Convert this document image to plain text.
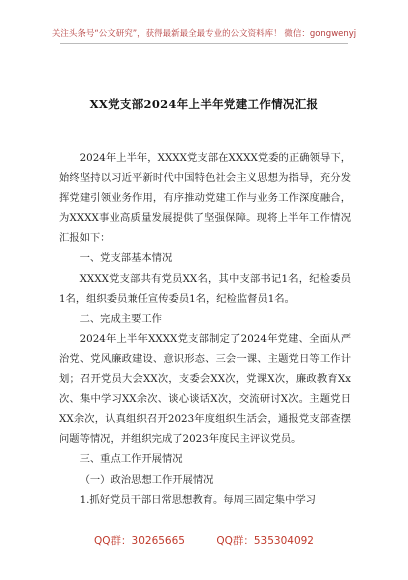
关注头条号“公文研究”，获得最新最全最专业的公文资料库！ 微信：gongwenyj
XX党支部2024年上半年党建工作情况汇报

2024年上半年，XXXX党支部在XXXX党委的正确领导下，始终坚持以习近平新时代中国特色社会主义思想为指导，充分发挥党建引领业务作用，有序推动党建工作与业务工作深度融合，为XXXX事业高质量发展提供了坚强保障。现将上半年工作情况汇报如下：

一、党支部基本情况

XXXX党支部共有党员XX名，其中支部书记1名，纪检委员1名，组织委员兼任宣传委员1名，纪检监督员1名。

二、完成主要工作

2024年上半年XXXX党支部制定了2024年党建、全面从严治党、党风廉政建设、意识形态、三会一课、主题党日等工作计划；召开党员大会XX次，支委会XX次，党课X次，廉政教育Xx次、集中学习XX余次、谈心谈话X次，交流研讨X次。主题党日XX余次，认真组织召开2023年度组织生活会，通报党支部查摆问题等情况，并组织完成了2023年度民主评议党员。

三、重点工作开展情况

（一）政治思想工作开展情况

1.抓好党员干部日常思想教育。每周三固定集中学习

QQ群：30265665	QQ群：535304092
